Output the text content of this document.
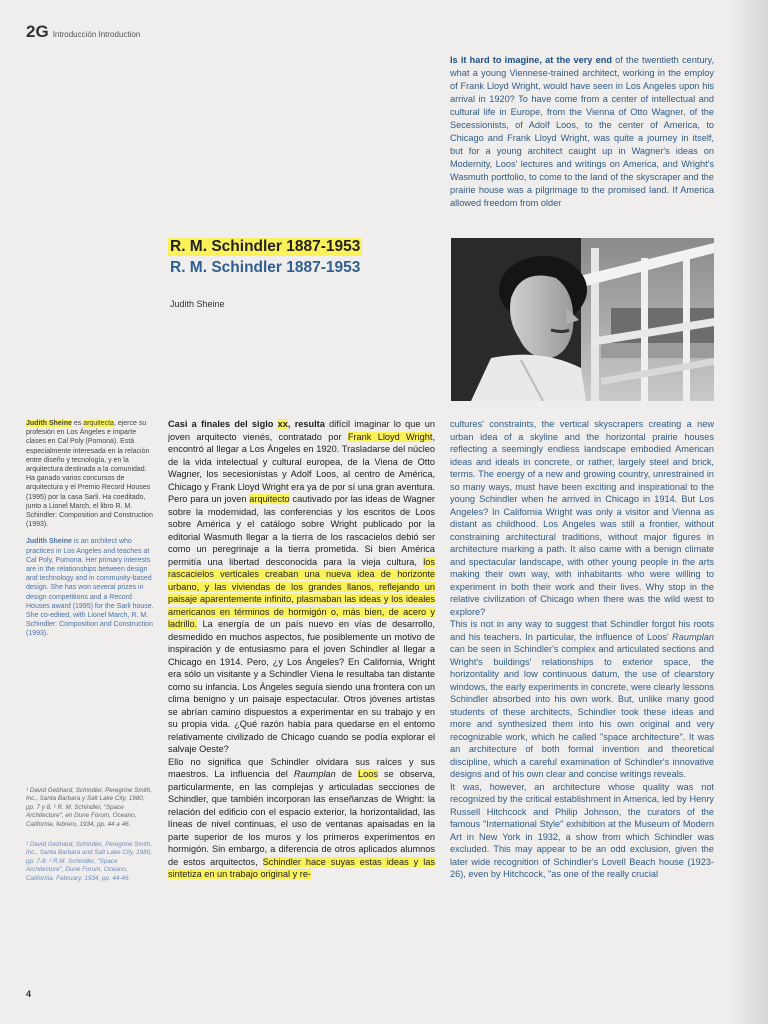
2G Introducción Introduction
Is it hard to imagine, at the very end of the twentieth century, what a young Viennese-trained architect, working in the employ of Frank Lloyd Wright, would have seen in Los Angeles upon his arrival in 1920? To have come from a center of intellectual and cultural life in Europe, from the Vienna of Otto Wagner, of the Secessionists, of Adolf Loos, to the center of America, to Chicago and Frank Lloyd Wright, was quite a journey in itself, but for a young architect caught up in Wagner's ideas on Modernity, Loos' lectures and writings on America, and Wright's Wasmuth portfolio, to come to the land of the skyscraper and the prairie house was a pilgrimage to the promised land. If America allowed freedom from older
R. M. Schindler 1887-1953
R. M. Schindler 1887-1953
Judith Sheine

Judith Sheine es arquitecta, ejerce su profesión en Los Ángeles e imparte clases en Cal Poly (Pomona). Está especialmente interesada en la relación entre diseño y tecnología, y en la arquitectura destinada a la comunidad. Ha ganado varios concursos de arquitectura y el Premio Record Houses (1995) por la casa Sarli. Ha coeditado, junto a Lionel March, el libro R. M. Schindler: Composition and Construction (1993).

Judith Sheine is an architect who practices in Los Angeles and teaches at Cal Poly, Pomona. Her primary interests are in the relationships between design and technology and in community-based design. She has won several prizes in design competitions and a Record Houses award (1995) for the Sarli house. She co-edited, with Lionel March, R. M. Schindler: Composition and Construction (1993).

¹ David Gebhard, Schindler, Peregrine Smith, Inc., Santa Barbara y Salt Lake City, 1980, pp. 7 y 8. ² R. M. Schindler, "Space Architecture", en Dune Forum, Oceano, California, febrero, 1934, pp. 44 a 46.

¹ David Gebhard, Schindler, Peregrine Smith, Inc., Santa Barbara and Salt Lake City, 1980, pp. 7-8. ² R.M. Schindler, "Space Architecture", Dune Forum, Oceano, California, February, 1934, pp. 44-46.

Casi a finales del siglo xx, resulta difícil imaginar lo que un joven arquitecto vienés, contratado por Frank Lloyd Wright, encontró al llegar a Los Ángeles en 1920. Trasladarse del núcleo de la vida intelectual y cultural europea, de la Viena de Otto Wagner, los secesionistas y Adolf Loos, al centro de América, Chicago y Frank Lloyd Wright era ya de por sí una gran aventura. Pero para un joven arquitecto cautivado por las ideas de Wagner sobre la modernidad, las conferencias y los escritos de Loos sobre América y el catálogo sobre Wright publicado por la editorial Wasmuth llegar a la tierra de los rascacielos debió ser como un peregrinaje a la tierra prometida. Si bien América permitía una libertad desconocida para la vieja cultura, los rascacielos verticales creaban una nueva idea de horizonte urbano, y las viviendas de los grandes llanos, reflejando un paisaje aparentemente infinito, plasmaban las ideas y los ideales americanos en términos de hormigón o, más bien, de acero y ladrillo. La energía de un país nuevo en vías de desarrollo, desmedido en muchos aspectos, fue posiblemente un motivo de inspiración y de entusiasmo para el joven Schindler al llegar a Chicago en 1914. Pero, ¿y Los Ángeles? En California, Wright era sólo un visitante y a Schindler Viena le resultaba tan distante como su infancia. Los Ángeles seguía siendo una frontera con un clima benigno y un paisaje espectacular. Otros jóvenes artistas se abrían camino dispuestos a experimentar en su trabajo y en su propia vida. ¿Qué razón había para quedarse en el entorno relativamente civilizado de Chicago cuando se podía explorar el salvaje Oeste?

Ello no significa que Schindler olvidara sus raíces y sus maestros. La influencia del Raumplan de Loos se observa, particularmente, en las complejas y articuladas secciones de Schindler, que también incorporan las enseñanzas de Wright: la relación del edificio con el espacio exterior, la horizontalidad, las líneas de nivel continuas, el uso de ventanas apaisadas en la parte superior de los muros y los primeros experimentos en hormigón. Sin embargo, a diferencia de otros aplicados alumnos de estos arquitectos, Schindler hace suyas estas ideas y las sintetiza en un trabajo original y re-

cultures' constraints, the vertical skyscrapers creating a new urban idea of a skyline and the horizontal prairie houses reflecting a seemingly endless landscape embodied American ideas and ideals in concrete, or rather, largely steel and brick, terms. The energy of a new and growing country, unrestrained in so many ways, must have been exciting and inspirational to the young Schindler when he arrived in Chicago in 1914. But Los Angeles? In California Wright was only a visitor and Vienna as distant as childhood. Los Angeles was still a frontier, without constraining architectural traditions, without major figures in architecture marking a path. It also came with a benign climate and spectacular landscape, with other young people in the arts making their own way, with inhabitants who were willing to experiment in both their work and their lives. Why stop in the relative civilization of Chicago when there was the wild west to explore?

This is not in any way to suggest that Schindler forgot his roots and his teachers. In particular, the influence of Loos' Raumplan can be seen in Schindler's complex and articulated sections and Wright's buildings' relationships to exterior space, the horizontality and low continuous datum, the use of clearstory windows, the early experiments in concrete, were clearly lessons Schindler absorbed into his own work. But, unlike many good students of these architects, Schindler took these ideas and more and synthesized them into his own original and very recognizable work, which he called "space architecture". It was an architecture of both formal invention and theoretical discipline, which a careful examination of Schindler's innovative designs and of his own clear and concise writings reveals.

It was, however, an architecture whose quality was not recognized by the critical establishment in America, led by Henry Russell Hitchcock and Philip Johnson, the curators of the famous "International Style" exhibition at the Museum of Modern Art in New York in 1932, a show from which Schindler was excluded. This may appear to be an odd exclusion, given the later wide recognition of Schindler's Lovell Beach house (1923-26), even by Hitchcock, "as one of the really crucial

4
